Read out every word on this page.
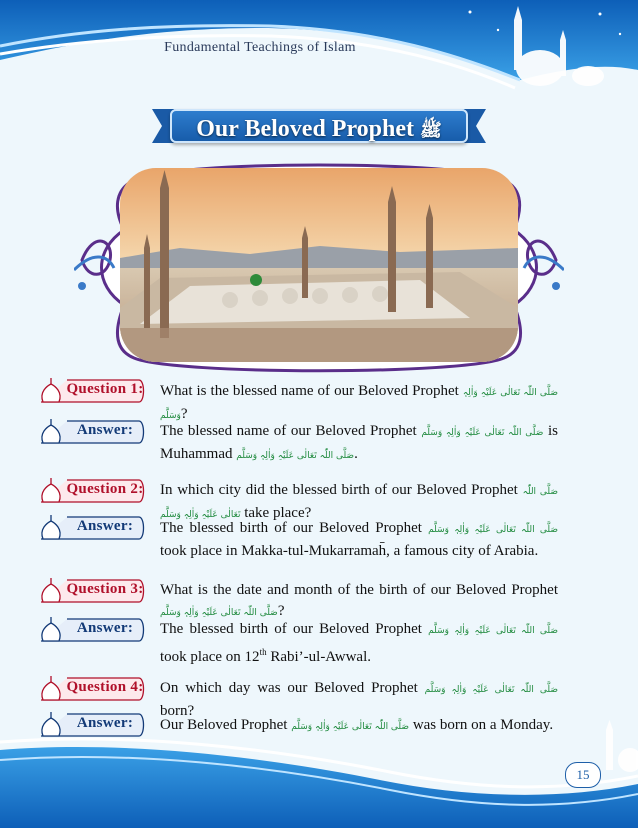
Fundamental Teachings of Islam
Our Beloved Prophet ﷺ
Question 1: What is the blessed name of our Beloved Prophet صَلَّی اللّٰہ تَعَالٰی عَلَیْہِ وَاٰلِہٖ وَسَلَّم?
Answer:	The blessed name of our Beloved Prophet صَلَّی اللّٰہ تَعَالٰی عَلَیْہِ وَاٰلِہٖ وَسَلَّم is Muhammad صَلَّی اللّٰہ تَعَالٰی عَلَیْہِ وَاٰلِہٖ وَسَلَّم.
Question 2: In which city did the blessed birth of our Beloved Prophet صَلَّی اللّٰہ تَعَالٰی عَلَیْہِ وَاٰلِہٖ وَسَلَّم take place?
Answer:	The blessed birth of our Beloved Prophet صَلَّی اللّٰہ تَعَالٰی عَلَیْہِ وَاٰلِہٖ وَسَلَّم took place in Makka-tul-Mukarramah̄, a famous city of Arabia.
Question 3: What is the date and month of the birth of our Beloved Prophet صَلَّی اللّٰہ تَعَالٰی عَلَیْہِ وَاٰلِہٖ وَسَلَّم?
Answer:	The blessed birth of our Beloved Prophet صَلَّی اللّٰہ تَعَالٰی عَلَیْہِ وَاٰلِہٖ وَسَلَّم took place on 12th Rabi’-ul-Awwal.
Question 4: On which day was our Beloved Prophet صَلَّی اللّٰہ تَعَالٰی عَلَیْہِ وَاٰلِہٖ وَسَلَّم born?
Answer:	Our Beloved Prophet صَلَّی اللّٰہ تَعَالٰی عَلَیْہِ وَاٰلِہٖ وَسَلَّم was born on a Monday.
15
